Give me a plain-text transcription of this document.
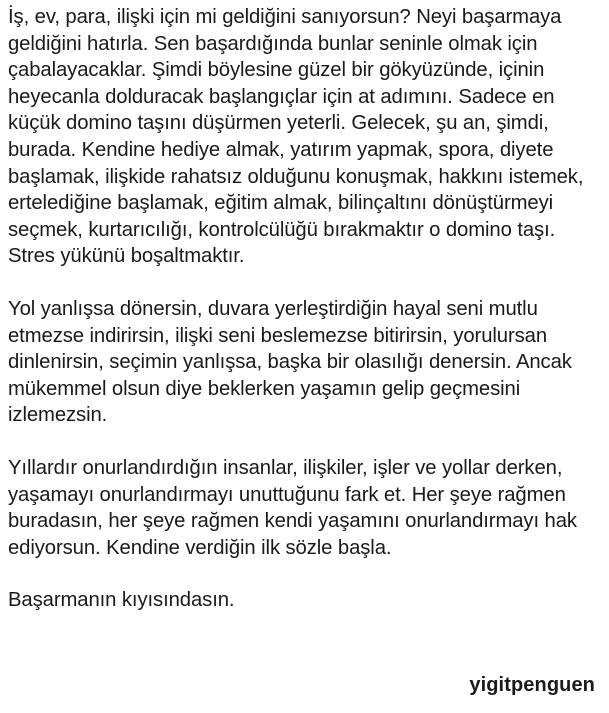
İş, ev, para, ilişki için mi geldiğini sanıyorsun? Neyi başarmaya geldiğini hatırla. Sen başardığında bunlar seninle olmak için çabalayacaklar. Şimdi böylesine güzel bir gökyüzünde, içinin heyecanla dolduracak başlangıçlar için at adımını. Sadece en küçük domino taşını düşürmen yeterli. Gelecek, şu an, şimdi, burada. Kendine hediye almak, yatırım yapmak, spora, diyete başlamak, ilişkide rahatsız olduğunu konuşmak, hakkını istemek, ertelediğine başlamak, eğitim almak, bilinçaltını dönüştürmeyi seçmek, kurtarıcılığı, kontrolcülüğü bırakmaktır o domino taşı. Stres yükünü boşaltmaktır.

Yol yanlışsa dönersin, duvara yerleştirdiğin hayal seni mutlu etmezse indirirsin, ilişki seni beslemezse bitirirsin, yorulursan dinlenirsin, seçimin yanlışsa, başka bir olasılığı denersin. Ancak mükemmel olsun diye beklerken yaşamın gelip geçmesini izlemezsin.

Yıllardır onurlandırdığın insanlar, ilişkiler, işler ve yollar derken, yaşamayı onurlandırmayı unuttuğunu fark et. Her şeye rağmen buradasın, her şeye rağmen kendi yaşamını onurlandırmayı hak ediyorsun. Kendine verdiğin ilk sözle başla.

Başarmanın kıyısındasın.

yigitpenguen
